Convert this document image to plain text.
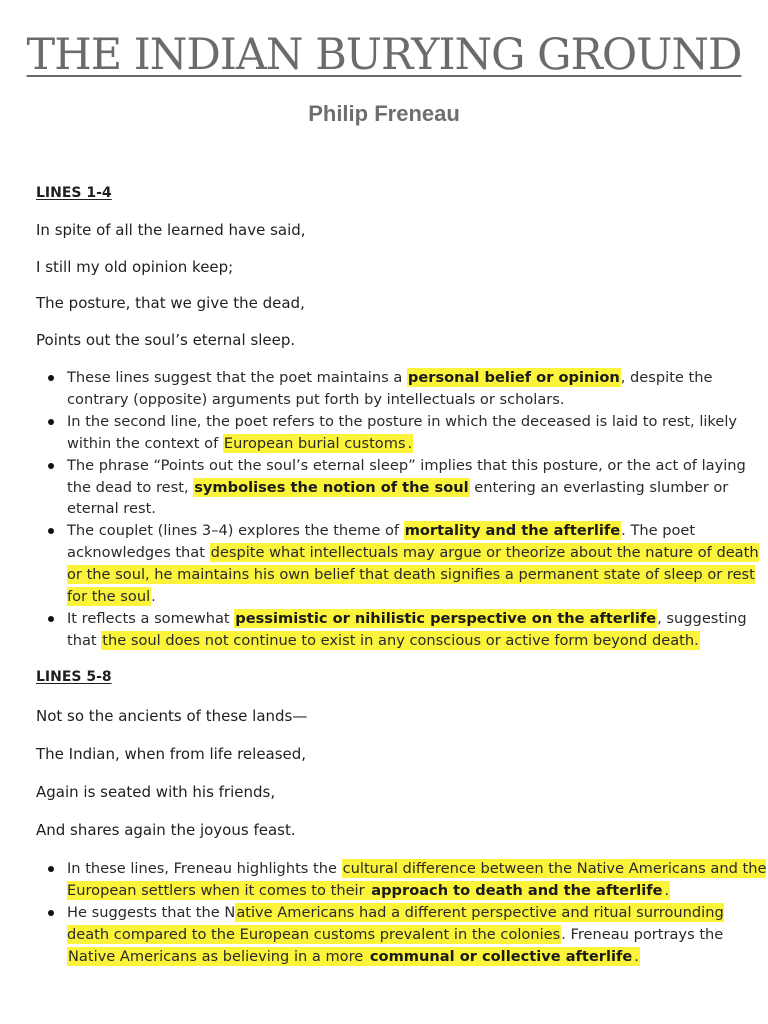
THE INDIAN BURYING GROUND
Philip Freneau
LINES 1-4
In spite of all the learned have said,
I still my old opinion keep;
The posture, that we give the dead,
Points out the soul’s eternal sleep.
These lines suggest that the poet maintains a personal belief or opinion, despite the contrary (opposite) arguments put forth by intellectuals or scholars.
In the second line, the poet refers to the posture in which the deceased is laid to rest, likely within the context of European burial customs .
The phrase “Points out the soul’s eternal sleep” implies that this posture, or the act of laying the dead to rest, symbolises the notion of the soul entering an everlasting slumber or eternal rest.
The couplet (lines 3–4) explores the theme of mortality and the afterlife. The poet acknowledges that despite what intellectuals may argue or theorize about the nature of death or the soul, he maintains his own belief that death signifies a permanent state of sleep or rest for the soul.
It reflects a somewhat pessimistic or nihilistic perspective on the afterlife, suggesting that the soul does not continue to exist in any conscious or active form beyond death.
LINES 5-8
Not so the ancients of these lands—
The Indian, when from life released,
Again is seated with his friends,
And shares again the joyous feast.
In these lines, Freneau highlights the cultural difference between the Native Americans and the European settlers when it comes to their approach to death and the afterlife .
He suggests that the Native Americans had a different perspective and ritual surrounding death compared to the European customs prevalent in the colonies. Freneau portrays the Native Americans as believing in a more communal or collective afterlife .
